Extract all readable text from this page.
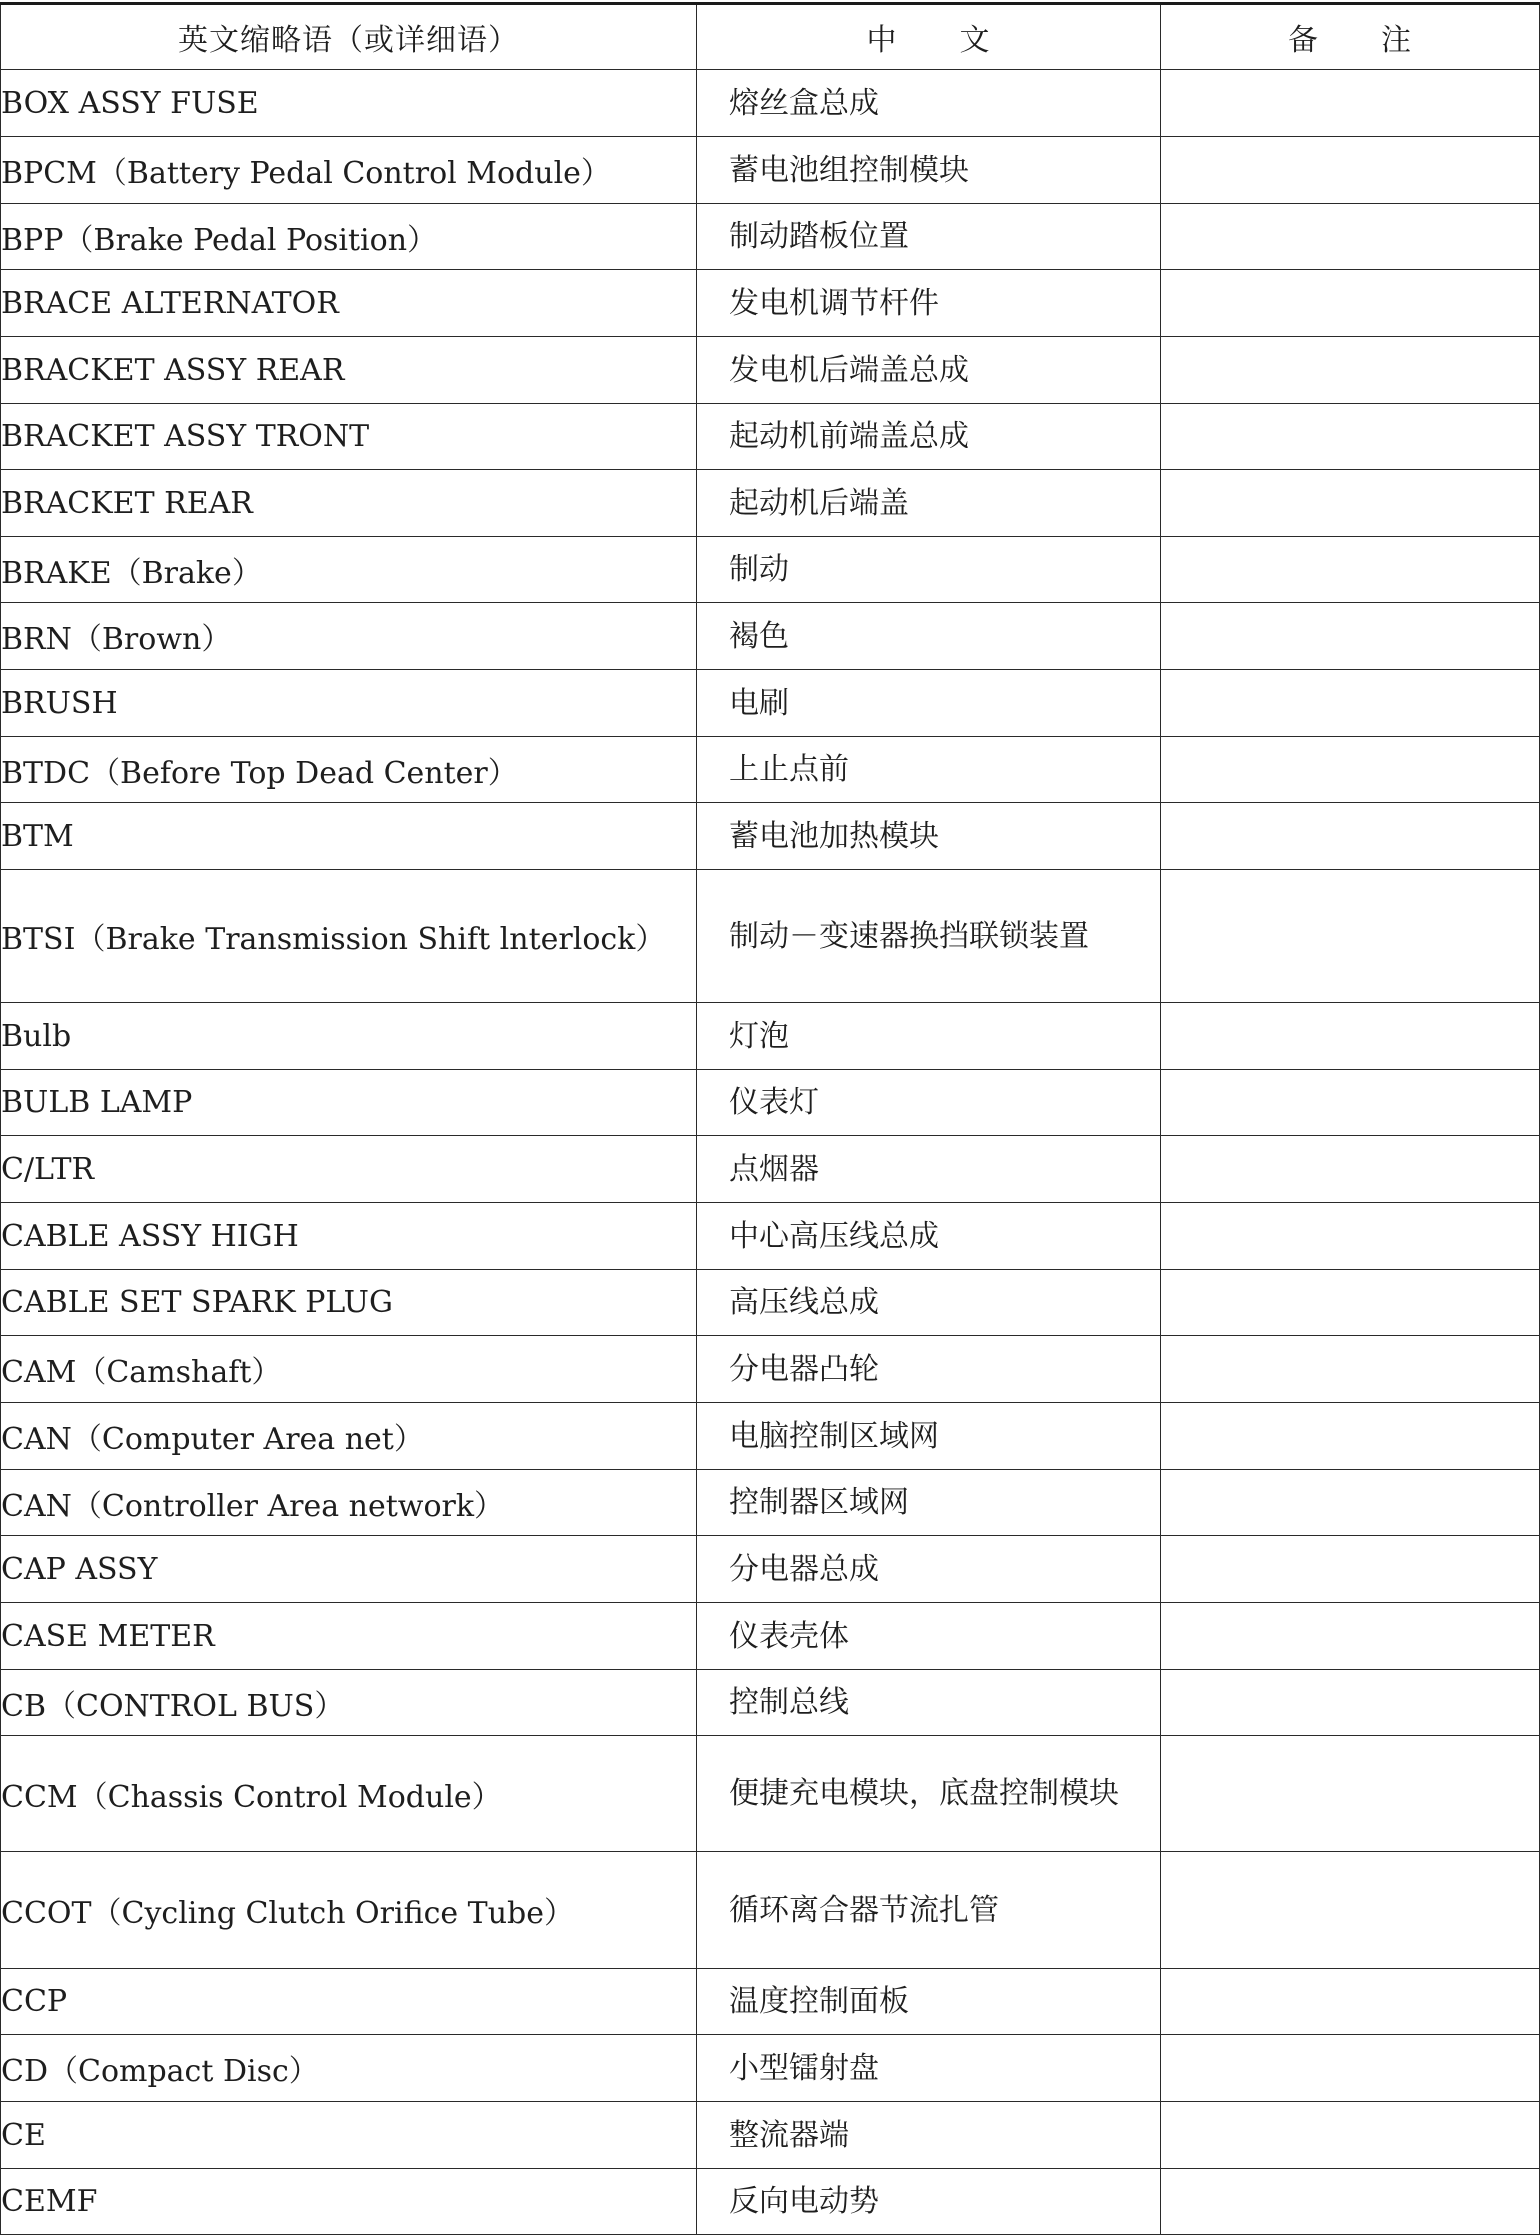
英文缩略语（或详细语）	中　　文	备　　注
BOX ASSY FUSE	熔丝盒总成	
BPCM（Battery Pedal Control Module）	蓄电池组控制模块	
BPP（Brake Pedal Position）	制动踏板位置	
BRACE ALTERNATOR	发电机调节杆件	
BRACKET ASSY REAR	发电机后端盖总成	
BRACKET ASSY TRONT	起动机前端盖总成	
BRACKET REAR	起动机后端盖	
BRAKE（Brake）	制动	
BRN（Brown）	褐色	
BRUSH	电刷	
BTDC（Before Top Dead Center）	上止点前	
BTM	蓄电池加热模块	
BTSI（Brake Transmission Shift lnterlock）	制动－变速器换挡联锁装置	
Bulb	灯泡	
BULB LAMP	仪表灯	
C/LTR	点烟器	
CABLE ASSY HIGH	中心高压线总成	
CABLE SET SPARK PLUG	高压线总成	
CAM（Camshaft）	分电器凸轮	
CAN（Computer Area net）	电脑控制区域网	
CAN（Controller Area network）	控制器区域网	
CAP ASSY	分电器总成	
CASE METER	仪表壳体	
CB（CONTROL BUS）	控制总线	
CCM（Chassis Control Module）	便捷充电模块，底盘控制模块	
CCOT（Cycling Clutch Orifice Tube）	循环离合器节流扎管	
CCP	温度控制面板	
CD（Compact Disc）	小型镭射盘	
CE	整流器端	
CEMF	反向电动势	
